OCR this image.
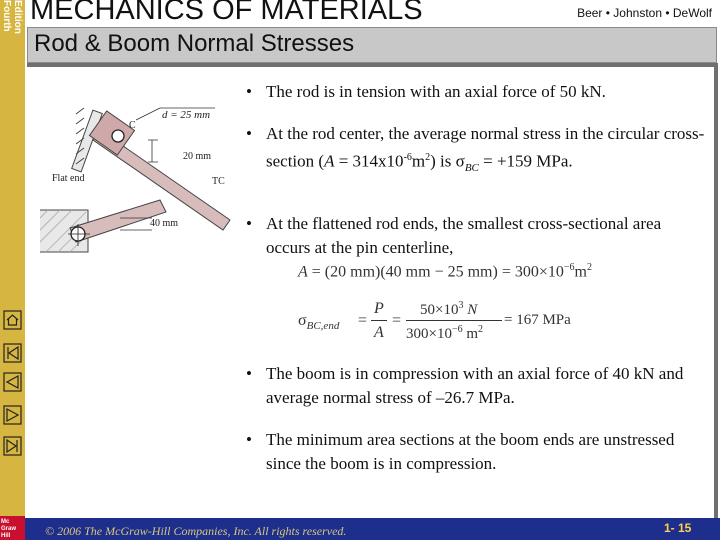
Fourth Edition MECHANICS OF MATERIALS	Beer • Johnston • DeWolf
Rod & Boom Normal Stresses
d = 25 mm
C
20 mm
Flat end	TC
40 mm
• The rod is in tension with an axial force of 50 kN.
• At the rod center, the average normal stress in the circular cross-section $(A = 314x10^{-6}m^2)$ is $\sigma_{BC} = +159$ MPa.
• At the flattened rod ends, the smallest cross-sectional area occurs at the pin centerline,
A = (20 mm)(40 mm − 25 $mm) = 300\times 10^{-6}m^2$
$\sigma_{BC,end}$ =
P
A
=
$50\times 10^3$ N
$300\times 10^{-6}$ $m^2$
= 167 MPa
• The boom is in compression with an axial force of 40 kN and average normal stress of –26.7 MPa.
• The minimum area sections at the boom ends are unstressed since the boom is in compression.
© 2006 The McGraw-Hill Companies, Inc. All rights reserved.	1- 15
Mc
Graw
Hill
